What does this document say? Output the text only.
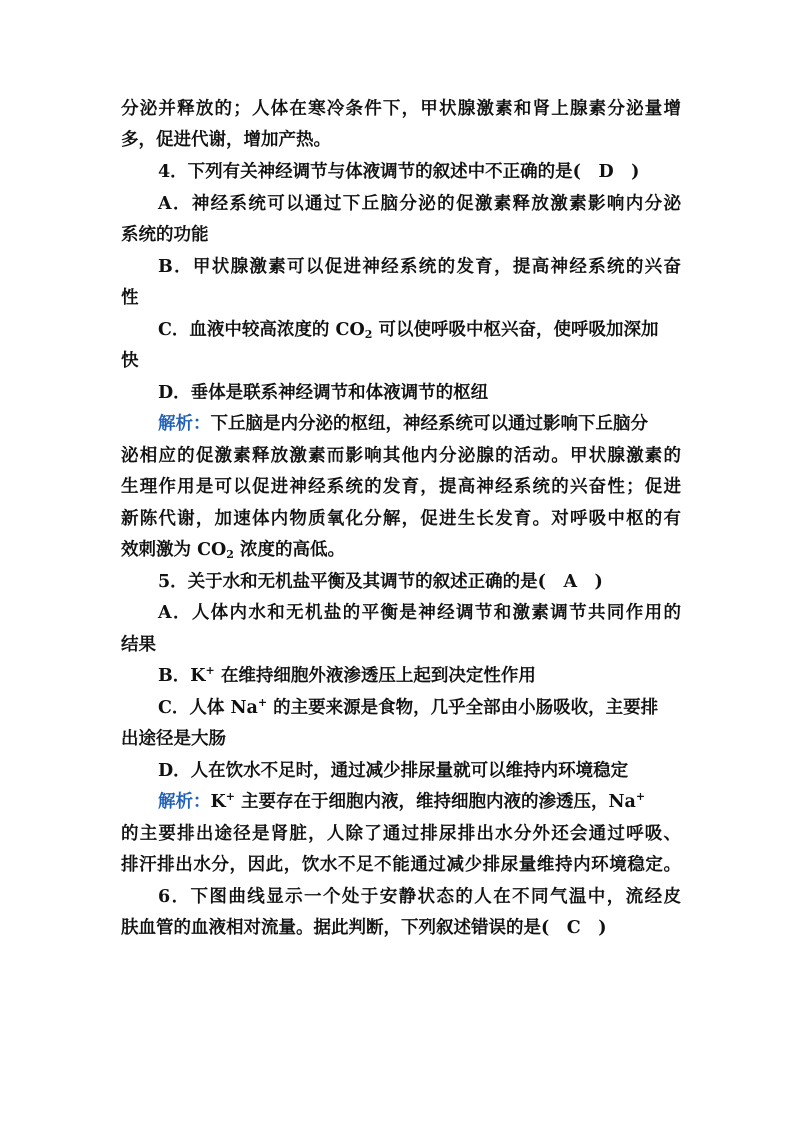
分泌并释放的；人体在寒冷条件下，甲状腺激素和肾上腺素分泌量增
多，促进代谢，增加产热。
4．下列有关神经调节与体液调节的叙述中不正确的是(　D　)
A．神经系统可以通过下丘脑分泌的促激素释放激素影响内分泌
系统的功能
B．甲状腺激素可以促进神经系统的发育，提高神经系统的兴奋
性
C．血液中较高浓度的 $CO_2$ 可以使呼吸中枢兴奋，使呼吸加深加
快
D．垂体是联系神经调节和体液调节的枢纽
解析：下丘脑是内分泌的枢纽，神经系统可以通过影响下丘脑分
泌相应的促激素释放激素而影响其他内分泌腺的活动。甲状腺激素的
生理作用是可以促进神经系统的发育，提高神经系统的兴奋性；促进
新陈代谢，加速体内物质氧化分解，促进生长发育。对呼吸中枢的有
效刺激为 $CO_2$ 浓度的高低。
5．关于水和无机盐平衡及其调节的叙述正确的是(　A　)
A．人体内水和无机盐的平衡是神经调节和激素调节共同作用的
结果
B．K+ 在维持细胞外液渗透压上起到决定性作用
C．人体 Na+ 的主要来源是食物，几乎全部由小肠吸收，主要排
出途径是大肠
D．人在饮水不足时，通过减少排尿量就可以维持内环境稳定
解析：K+ 主要存在于细胞内液，维持细胞内液的渗透压，Na+
的主要排出途径是肾脏，人除了通过排尿排出水分外还会通过呼吸、
排汗排出水分，因此，饮水不足不能通过减少排尿量维持内环境稳定。
6．下图曲线显示一个处于安静状态的人在不同气温中，流经皮
肤血管的血液相对流量。据此判断，下列叙述错误的是(　C　)
